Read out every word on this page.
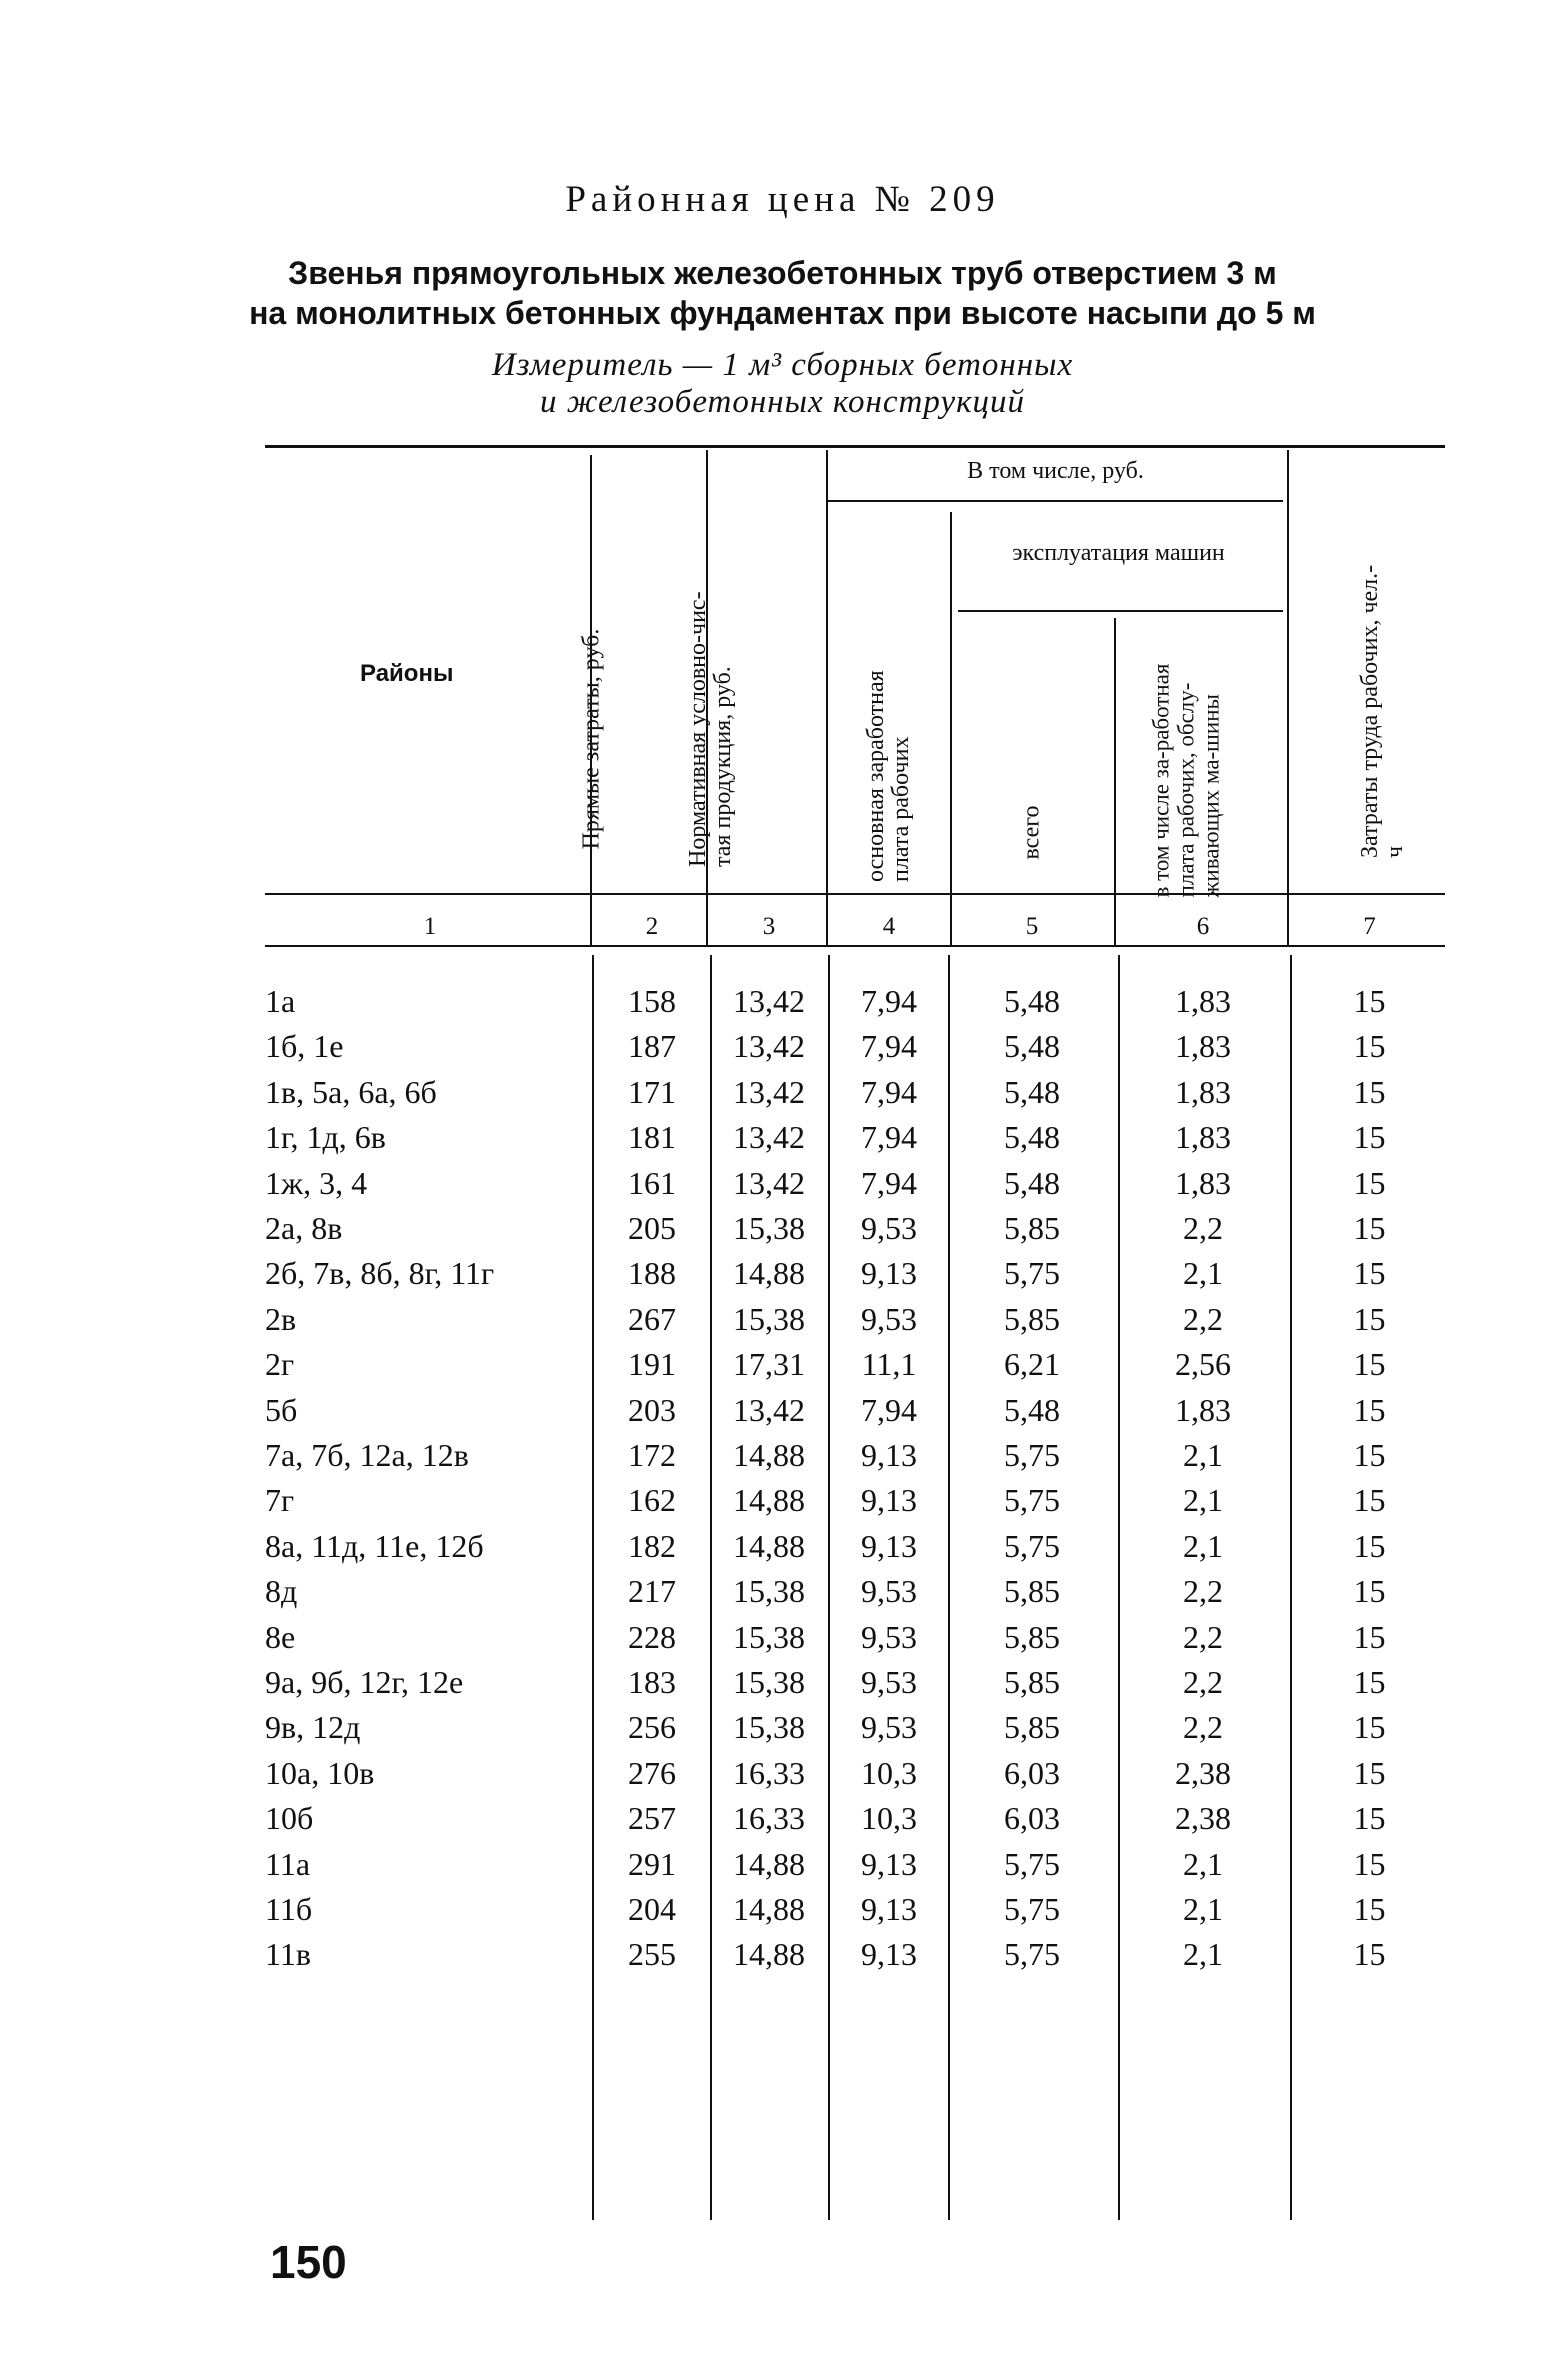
Районная цена № 209
Звенья прямоугольных железобетонных труб отверстием 3 м
на монолитных бетонных фундаментах при высоте насыпи до 5 м
Измеритель — 1 м³ сборных бетонных
и железобетонных конструкций
Районы	Прямые затраты, руб.	Нормативная условно-чис-тая продукция, руб.
В том числе, руб.
основная заработная плата рабочих
эксплуатация машин
всего	в том числе за-работная плата рабочих, обслу-живающих ма-шины	Затраты труда рабочих, чел.-ч
1	2	3	4	5	6	7
1а	158	13,42	7,94	5,48	1,83	15
1б, 1е	187	13,42	7,94	5,48	1,83	15
1в, 5а, 6а, 6б	171	13,42	7,94	5,48	1,83	15
1г, 1д, 6в	181	13,42	7,94	5,48	1,83	15
1ж, 3, 4	161	13,42	7,94	5,48	1,83	15
2а, 8в	205	15,38	9,53	5,85	2,2	15
2б, 7в, 8б, 8г, 11г	188	14,88	9,13	5,75	2,1	15
2в	267	15,38	9,53	5,85	2,2	15
2г	191	17,31	11,1	6,21	2,56	15
5б	203	13,42	7,94	5,48	1,83	15
7а, 7б, 12а, 12в	172	14,88	9,13	5,75	2,1	15
7г	162	14,88	9,13	5,75	2,1	15
8а, 11д, 11е, 12б	182	14,88	9,13	5,75	2,1	15
8д	217	15,38	9,53	5,85	2,2	15
8е	228	15,38	9,53	5,85	2,2	15
9а, 9б, 12г, 12е	183	15,38	9,53	5,85	2,2	15
9в, 12д	256	15,38	9,53	5,85	2,2	15
10а, 10в	276	16,33	10,3	6,03	2,38	15
10б	257	16,33	10,3	6,03	2,38	15
11а	291	14,88	9,13	5,75	2,1	15
11б	204	14,88	9,13	5,75	2,1	15
11в	255	14,88	9,13	5,75	2,1	15
150
